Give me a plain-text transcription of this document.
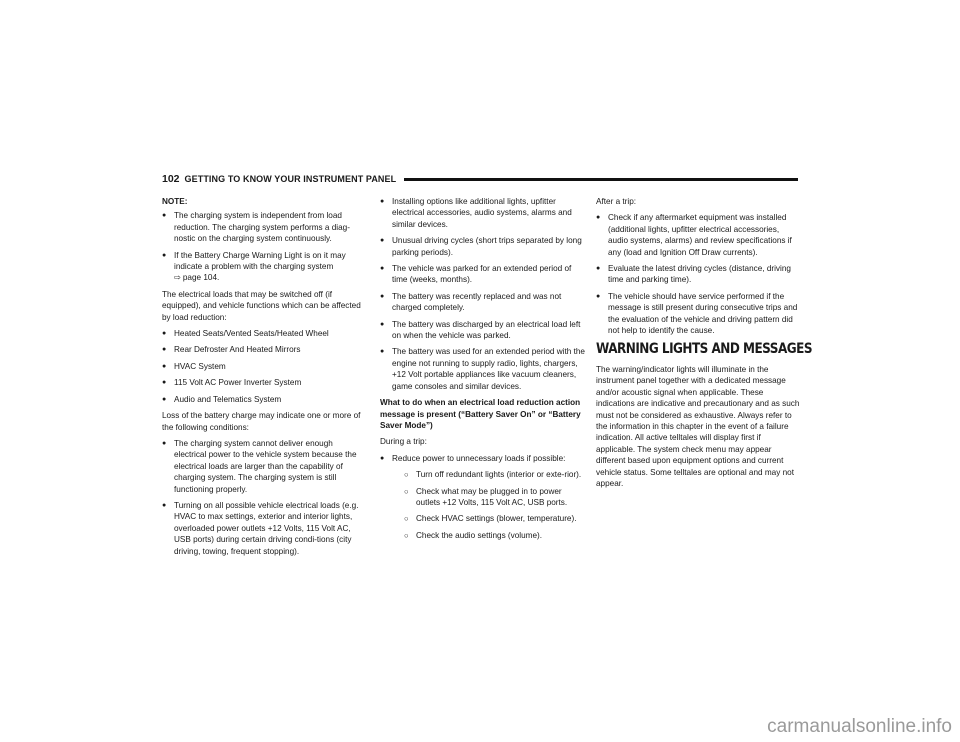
102 GETTING TO KNOW YOUR INSTRUMENT PANEL

NOTE:

● The charging system is independent from load reduction. The charging system performs a diag-nostic on the charging system continuously.
● If the Battery Charge Warning Light is on it may indicate a problem with the charging system
⇨ page 104.

The electrical loads that may be switched off (if equipped), and vehicle functions which can be affected by load reduction:

● Heated Seats/Vented Seats/Heated Wheel
● Rear Defroster And Heated Mirrors
● HVAC System
● 115 Volt AC Power Inverter System
● Audio and Telematics System

Loss of the battery charge may indicate one or more of the following conditions:

● The charging system cannot deliver enough electrical power to the vehicle system because the electrical loads are larger than the capability of charging system. The charging system is still functioning properly.
● Turning on all possible vehicle electrical loads (e.g. HVAC to max settings, exterior and interior lights, overloaded power outlets +12 Volts, 115 Volt AC, USB ports) during certain driving condi-tions (city driving, towing, frequent stopping).
● Installing options like additional lights, upfitter electrical accessories, audio systems, alarms and similar devices.
● Unusual driving cycles (short trips separated by long parking periods).
● The vehicle was parked for an extended period of time (weeks, months).
● The battery was recently replaced and was not charged completely.
● The battery was discharged by an electrical load left on when the vehicle was parked.
● The battery was used for an extended period with the engine not running to supply radio, lights, chargers, +12 Volt portable appliances like vacuum cleaners, game consoles and similar devices.

What to do when an electrical load reduction action message is present (“Battery Saver On” or “Battery Saver Mode”)

During a trip:

● Reduce power to unnecessary loads if possible:
○ Turn off redundant lights (interior or exte-rior).
○ Check what may be plugged in to power outlets +12 Volts, 115 Volt AC, USB ports.
○ Check HVAC settings (blower, temperature).
○ Check the audio settings (volume).

After a trip:

● Check if any aftermarket equipment was installed (additional lights, upfitter electrical accessories, audio systems, alarms) and review specifications if any (load and Ignition Off Draw currents).
● Evaluate the latest driving cycles (distance, driving time and parking time).
● The vehicle should have service performed if the message is still present during consecutive trips and the evaluation of the vehicle and driving pattern did not help to identify the cause.
WARNING LIGHTS AND MESSAGES

The warning/indicator lights will illuminate in the instrument panel together with a dedicated message and/or acoustic signal when applicable. These indications are indicative and precautionary and as such must not be considered as exhaustive. Always refer to the information in this chapter in the event of a failure indication. All active telltales will display first if applicable. The system check menu may appear different based upon equipment options and current vehicle status. Some telltales are optional and may not appear.

carmanualsonline.info
